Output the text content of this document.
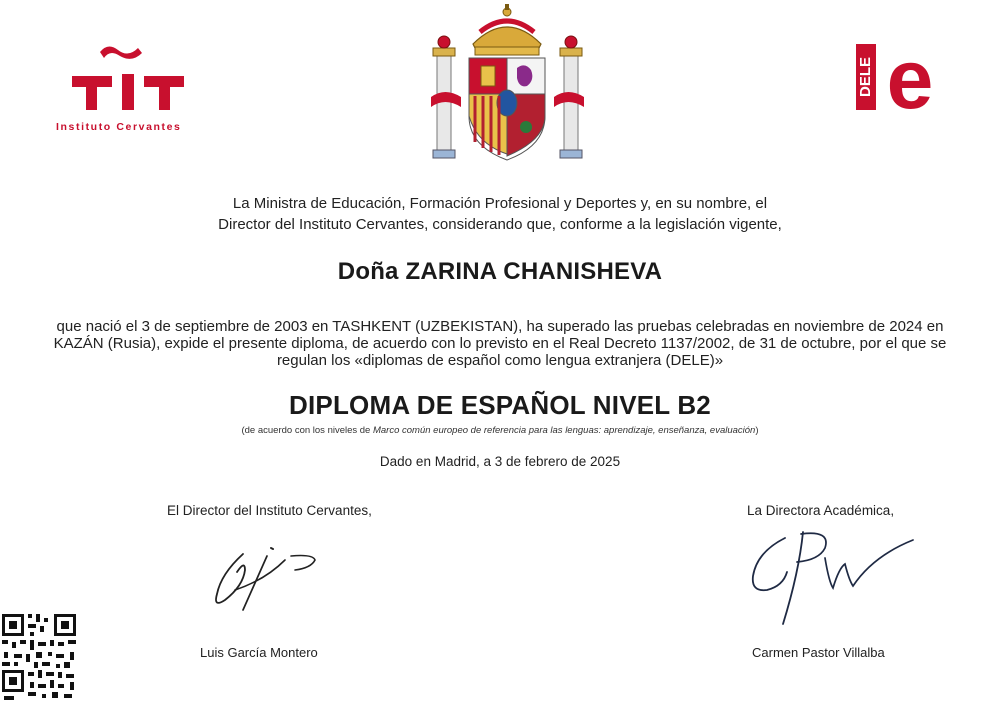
Instituto Cervantes
DELE e
La Ministra de Educación, Formación Profesional y Deportes y, en su nombre, el
Director del Instituto Cervantes, considerando que, conforme a la legislación vigente,
Doña ZARINA CHANISHEVA
que nació el 3 de septiembre de 2003 en TASHKENT (UZBEKISTAN), ha superado las pruebas celebradas en noviembre de 2024 en
KAZÁN (Rusia), expide el presente diploma, de acuerdo con lo previsto en el Real Decreto 1137/2002, de 31 de octubre, por el que se
regulan los «diplomas de español como lengua extranjera (DELE)»
DIPLOMA DE ESPAÑOL NIVEL B2
(de acuerdo con los niveles de Marco común europeo de referencia para las lenguas: aprendizaje, enseñanza, evaluación)
Dado en Madrid, a 3 de febrero de 2025
El Director del Instituto Cervantes,	La Directora Académica,
Luis García Montero	Carmen Pastor Villalba
